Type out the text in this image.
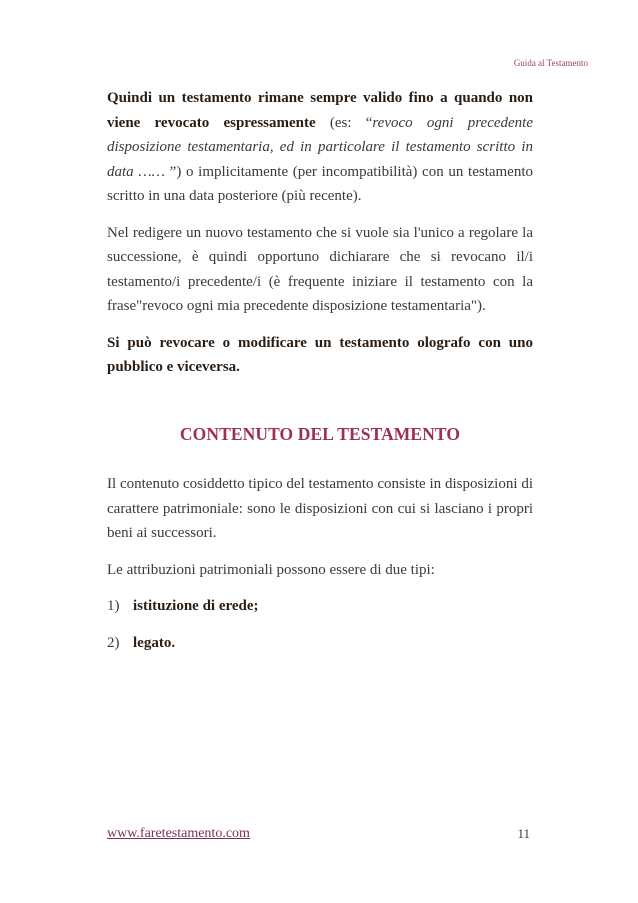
Guida al Testamento

Quindi un testamento rimane sempre valido fino a quando non viene revocato espressamente (es: “revoco ogni precedente disposizione testamentaria, ed in particolare il testamento scritto in data …… ”) o implicitamente (per incompatibilità) con un testamento scritto in una data posteriore (più recente).

Nel redigere un nuovo testamento che si vuole sia l'unico a regolare la successione, è quindi opportuno dichiarare che si revocano il/i testamento/i precedente/i (è frequente iniziare il testamento con la frase"revoco ogni mia precedente disposizione testamentaria").

Si può revocare o modificare un testamento olografo con uno pubblico e viceversa.

CONTENUTO DEL TESTAMENTO

Il contenuto cosiddetto tipico del testamento consiste in disposizioni di carattere patrimoniale: sono le disposizioni con cui si lasciano i propri beni ai successori.

Le attribuzioni patrimoniali possono essere di due tipi:

1) istituzione di erede;
2) legato.
www.faretestamento.com	11
